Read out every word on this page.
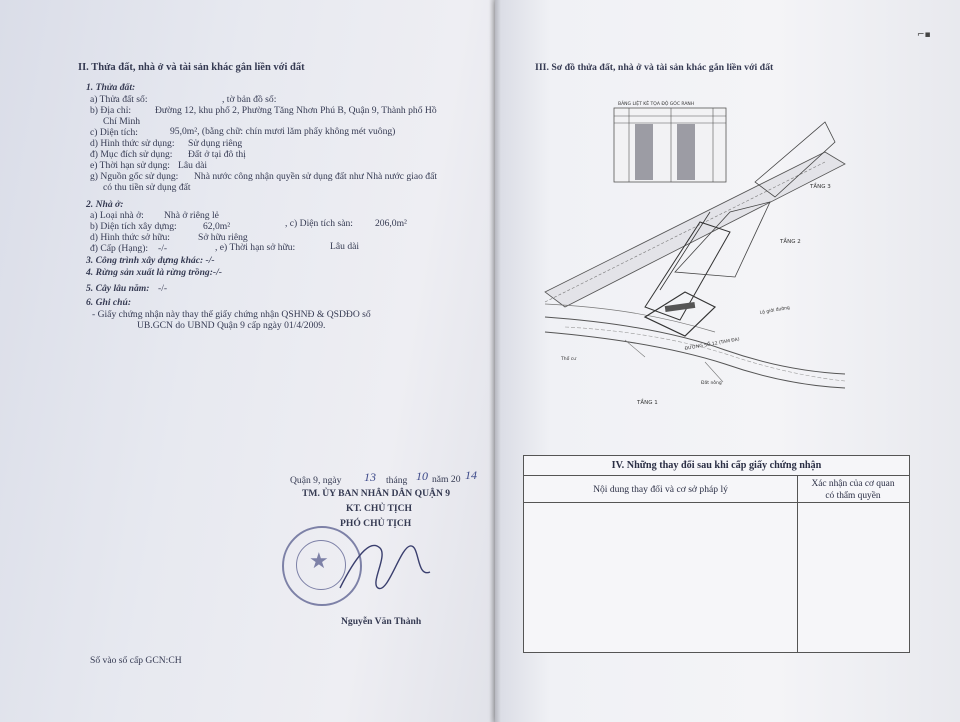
II. Thửa đất, nhà ở và tài sản khác gắn liền với đất
1. Thửa đất:
a) Thửa đất số:	, tờ bản đồ số:
b) Địa chỉ: Đường 12, khu phố 2, Phường Tăng Nhơn Phú B, Quận 9, Thành phố Hồ
Chí Minh
c) Diện tích:	95,0m², (bằng chữ: chín mươi lăm phẩy không mét vuông)
d) Hình thức sử dụng: Sử dụng riêng
đ) Mục đích sử dụng: Đất ở tại đô thị
e) Thời hạn sử dụng: Lâu dài
g) Nguồn gốc sử dụng: Nhà nước công nhận quyền sử dụng đất như Nhà nước giao đất
có thu tiền sử dụng đất
2. Nhà ở:
a) Loại nhà ở: Nhà ở riêng lẻ
b) Diện tích xây dựng:	62,0m²	, c) Diện tích sàn: 206,0m²
d) Hình thức sở hữu:	Sở hữu riêng
đ) Cấp (Hạng): -/-	, e) Thời hạn sở hữu:	Lâu dài
3. Công trình xây dựng khác: -/-
4. Rừng sản xuất là rừng trồng:-/-
5. Cây lâu năm: -/-
6. Ghi chú:
- Giấy chứng nhận này thay thế giấy chứng nhận QSHNĐ & QSDĐO số
UB.GCN do UBND Quận 9 cấp ngày 01/4/2009.
Quận 9, ngày 13 tháng 10 năm 20 14
TM. ỦY BAN NHÂN DÂN QUẬN 9
KT. CHỦ TỊCH
PHÓ CHỦ TỊCH
★
Nguyễn Văn Thành
Số vào sổ cấp GCN:CH
⌐▪
III. Sơ đồ thửa đất, nhà ở và tài sản khác gắn liền với đất
TẦNG 3
TẦNG 2
TẦNG 1
ĐƯỜNG SỐ 12 (TAM ĐA)
Thổ cư
Đất nông
Lộ giới đường
BẢNG LIỆT KÊ TỌA ĐỘ GÓC RANH
IV. Những thay đổi sau khi cấp giấy chứng nhận
Nội dung thay đổi và cơ sở pháp lý	Xác nhận của cơ quan
có thẩm quyền
